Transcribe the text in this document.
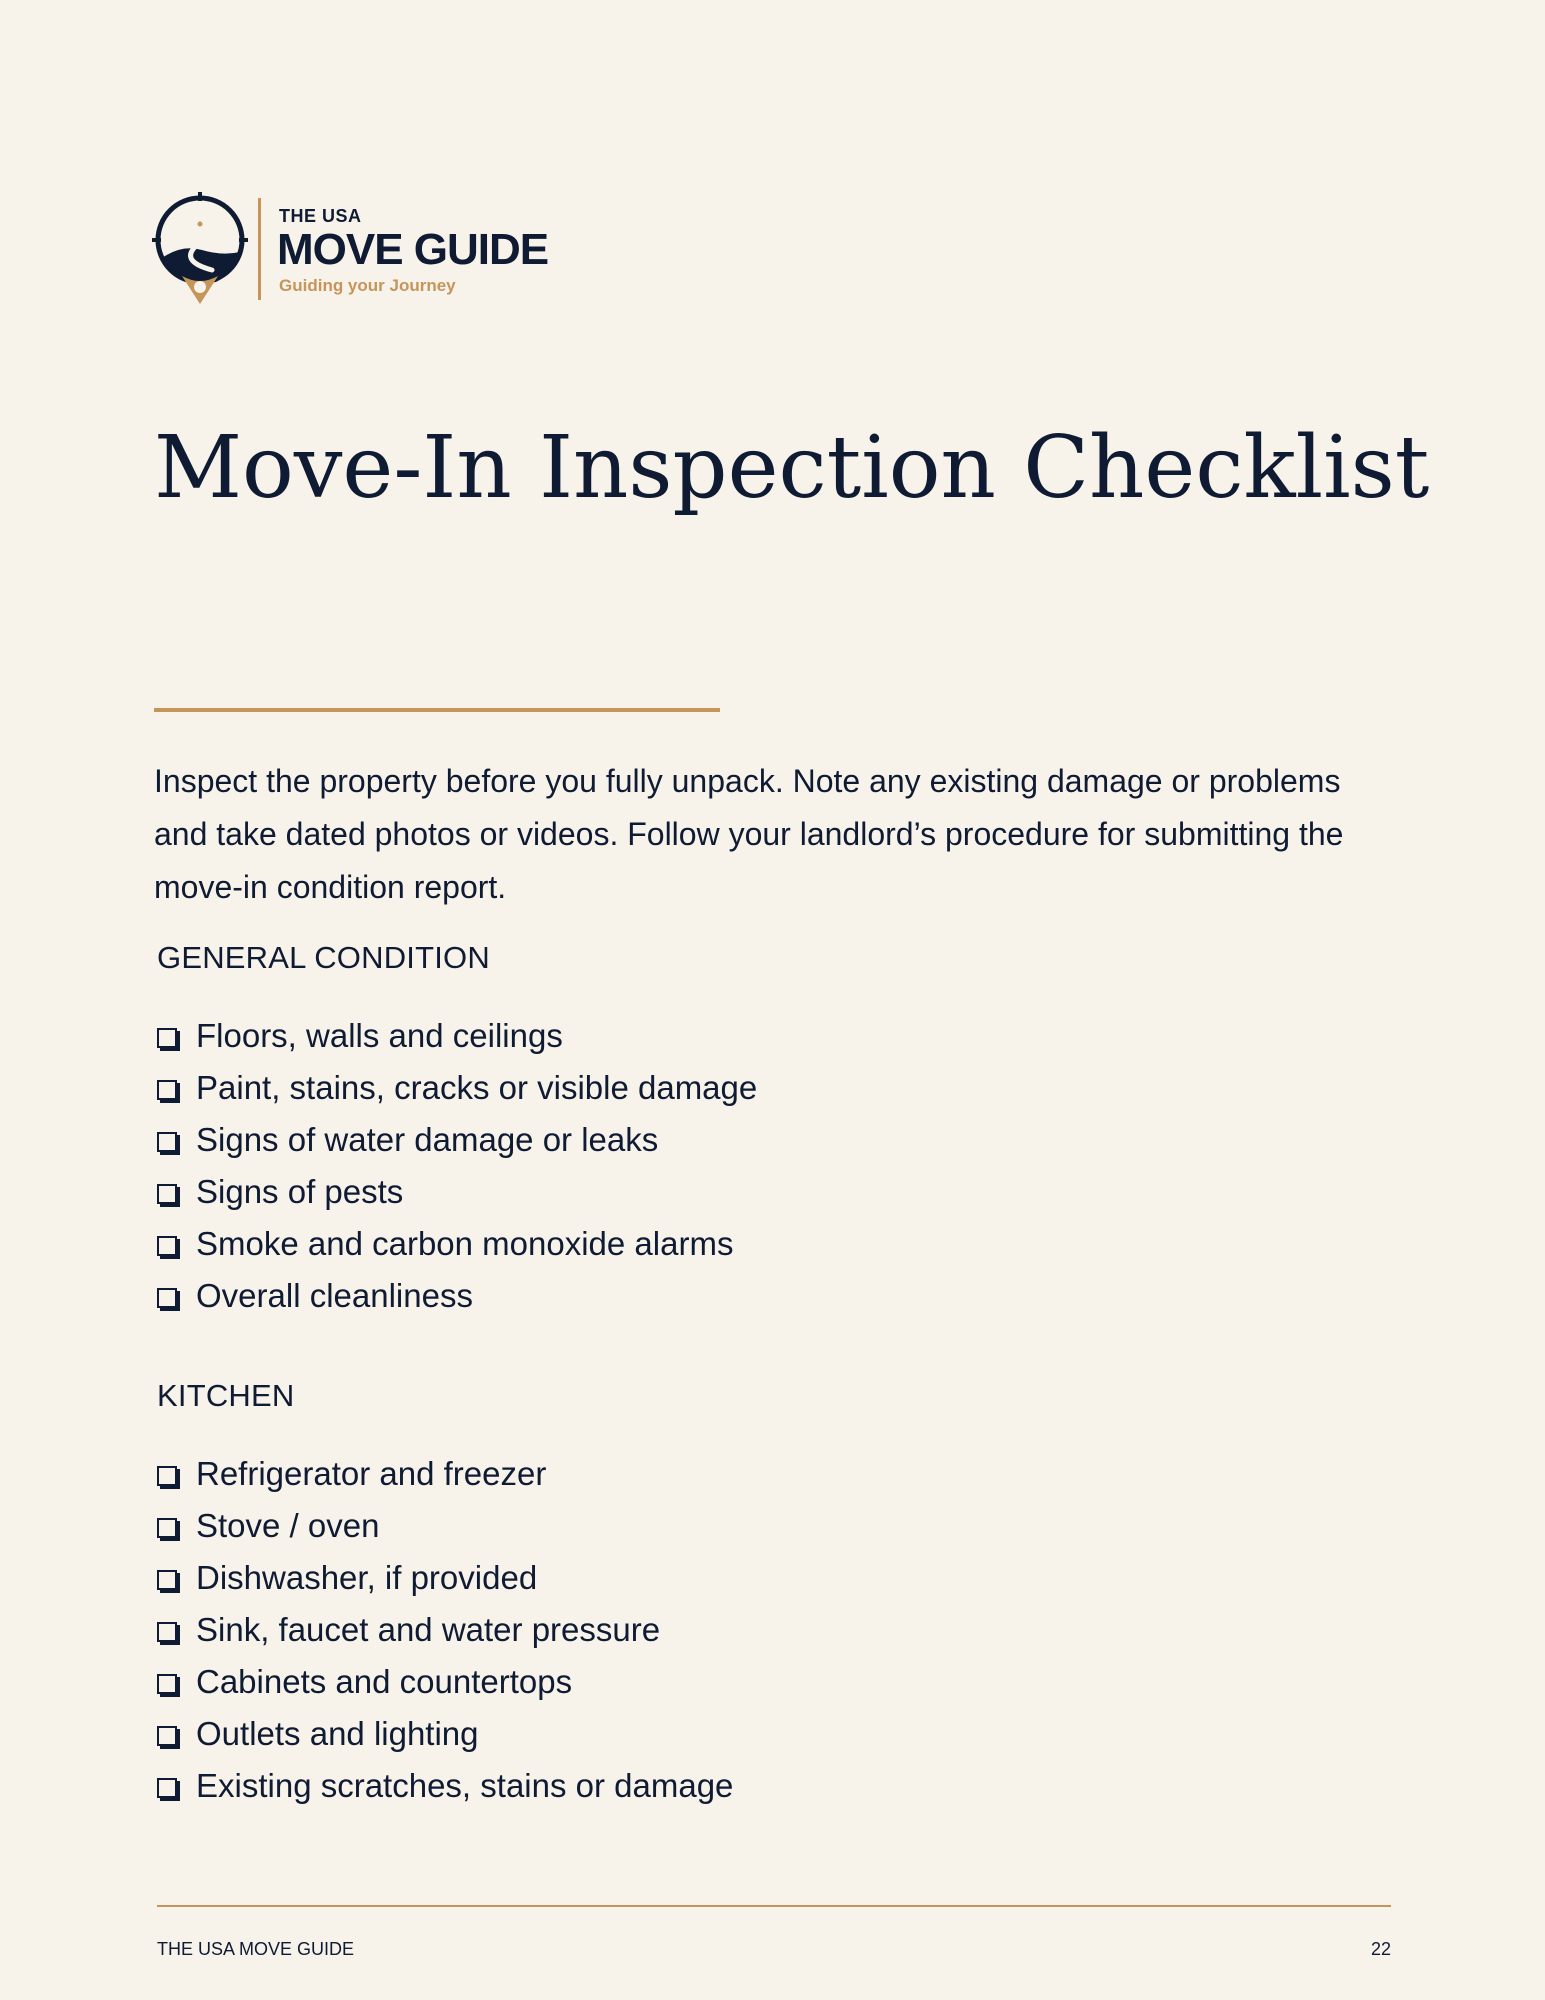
THE USA
MOVE GUIDE
Guiding your Journey
Move-In Inspection Checklist

Inspect the property before you fully unpack. Note any existing damage or problems and take dated photos or videos. Follow your landlord’s procedure for submitting the move-in condition report.

GENERAL CONDITION
Floors, walls and ceilings
Paint, stains, cracks or visible damage
Signs of water damage or leaks
Signs of pests
Smoke and carbon monoxide alarms
Overall cleanliness
KITCHEN
Refrigerator and freezer
Stove / oven
Dishwasher, if provided
Sink, faucet and water pressure
Cabinets and countertops
Outlets and lighting
Existing scratches, stains or damage
THE USA MOVE GUIDE	22
